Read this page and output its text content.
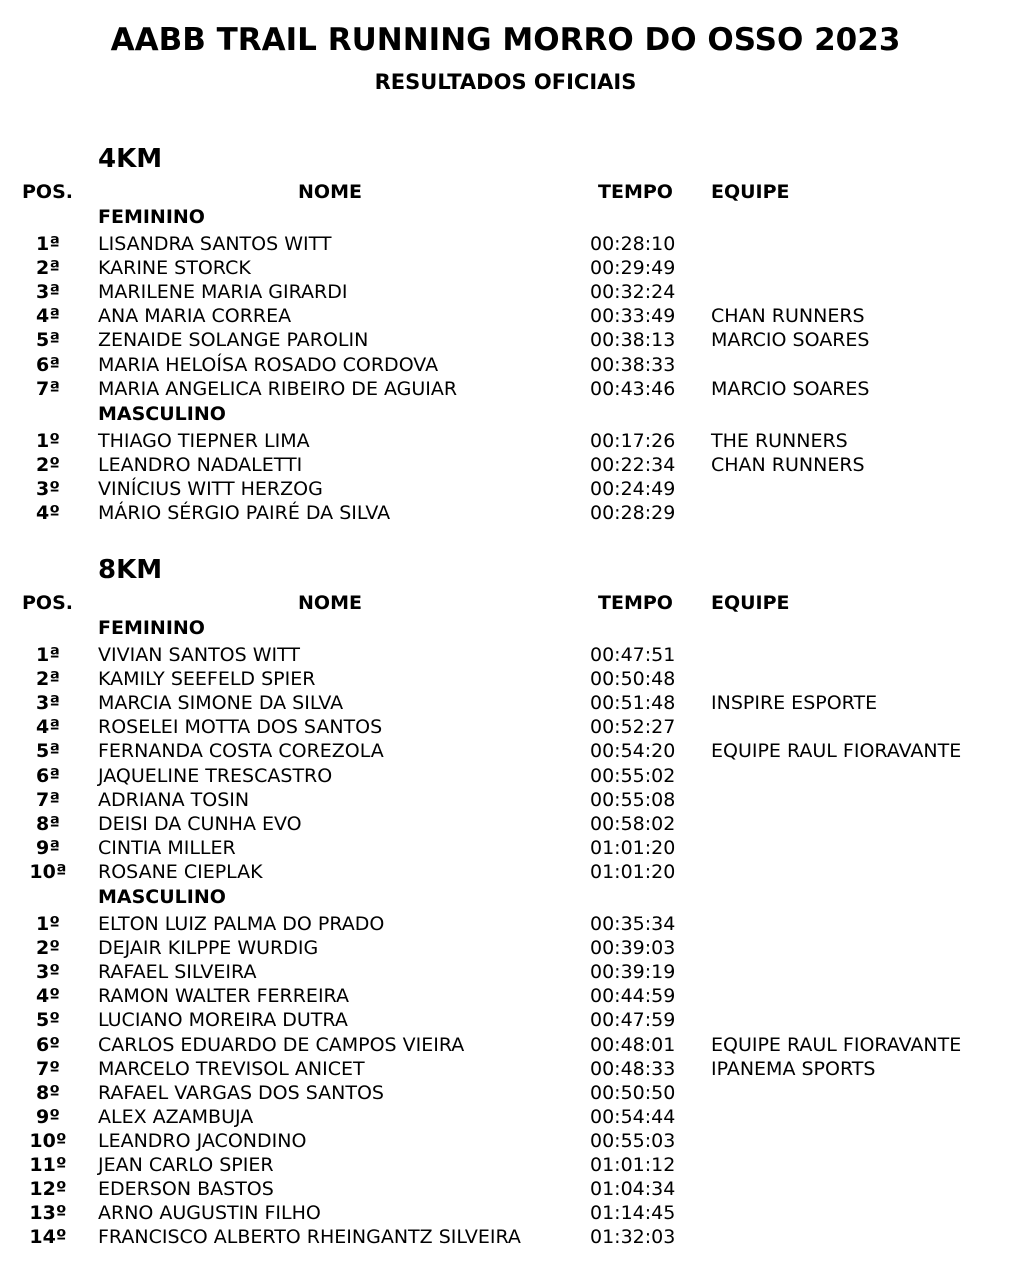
AABB TRAIL RUNNING MORRO DO OSSO 2023
RESULTADOS OFICIAIS
4KM
POS.	NOME	TEMPO EQUIPE
FEMININO
1ª	LISANDRA SANTOS WITT	00:28:10
2ª	KARINE STORCK	00:29:49
3ª	MARILENE MARIA GIRARDI	00:32:24
4ª	ANA MARIA CORREA	00:33:49 CHAN RUNNERS
5ª	ZENAIDE SOLANGE PAROLIN	00:38:13 MARCIO SOARES
6ª	MARIA HELOÍSA ROSADO CORDOVA	00:38:33
7ª	MARIA ANGELICA RIBEIRO DE AGUIAR	00:43:46 MARCIO SOARES
MASCULINO
1º	THIAGO TIEPNER LIMA	00:17:26 THE RUNNERS
2º	LEANDRO NADALETTI	00:22:34 CHAN RUNNERS
3º	VINÍCIUS WITT HERZOG	00:24:49
4º	MÁRIO SÉRGIO PAIRÉ DA SILVA	00:28:29
8KM
POS.	NOME	TEMPO EQUIPE
FEMININO
1ª	VIVIAN SANTOS WITT	00:47:51
2ª	KAMILY SEEFELD SPIER	00:50:48
3ª	MARCIA SIMONE DA SILVA	00:51:48 INSPIRE ESPORTE
4ª	ROSELEI MOTTA DOS SANTOS	00:52:27
5ª	FERNANDA COSTA COREZOLA	00:54:20 EQUIPE RAUL FIORAVANTE
6ª	JAQUELINE TRESCASTRO	00:55:02
7ª	ADRIANA TOSIN	00:55:08
8ª	DEISI DA CUNHA EVO	00:58:02
9ª	CINTIA MILLER	01:01:20
10ª	ROSANE CIEPLAK	01:01:20
MASCULINO
1º	ELTON LUIZ PALMA DO PRADO	00:35:34
2º	DEJAIR KILPPE WURDIG	00:39:03
3º	RAFAEL SILVEIRA	00:39:19
4º	RAMON WALTER FERREIRA	00:44:59
5º	LUCIANO MOREIRA DUTRA	00:47:59
6º	CARLOS EDUARDO DE CAMPOS VIEIRA	00:48:01 EQUIPE RAUL FIORAVANTE
7º	MARCELO TREVISOL ANICET	00:48:33 IPANEMA SPORTS
8º	RAFAEL VARGAS DOS SANTOS	00:50:50
9º	ALEX AZAMBUJA	00:54:44
10º	LEANDRO JACONDINO	00:55:03
11º	JEAN CARLO SPIER	01:01:12
12º	EDERSON BASTOS	01:04:34
13º	ARNO AUGUSTIN FILHO	01:14:45
14º	FRANCISCO ALBERTO RHEINGANTZ SILVEIRA	01:32:03
